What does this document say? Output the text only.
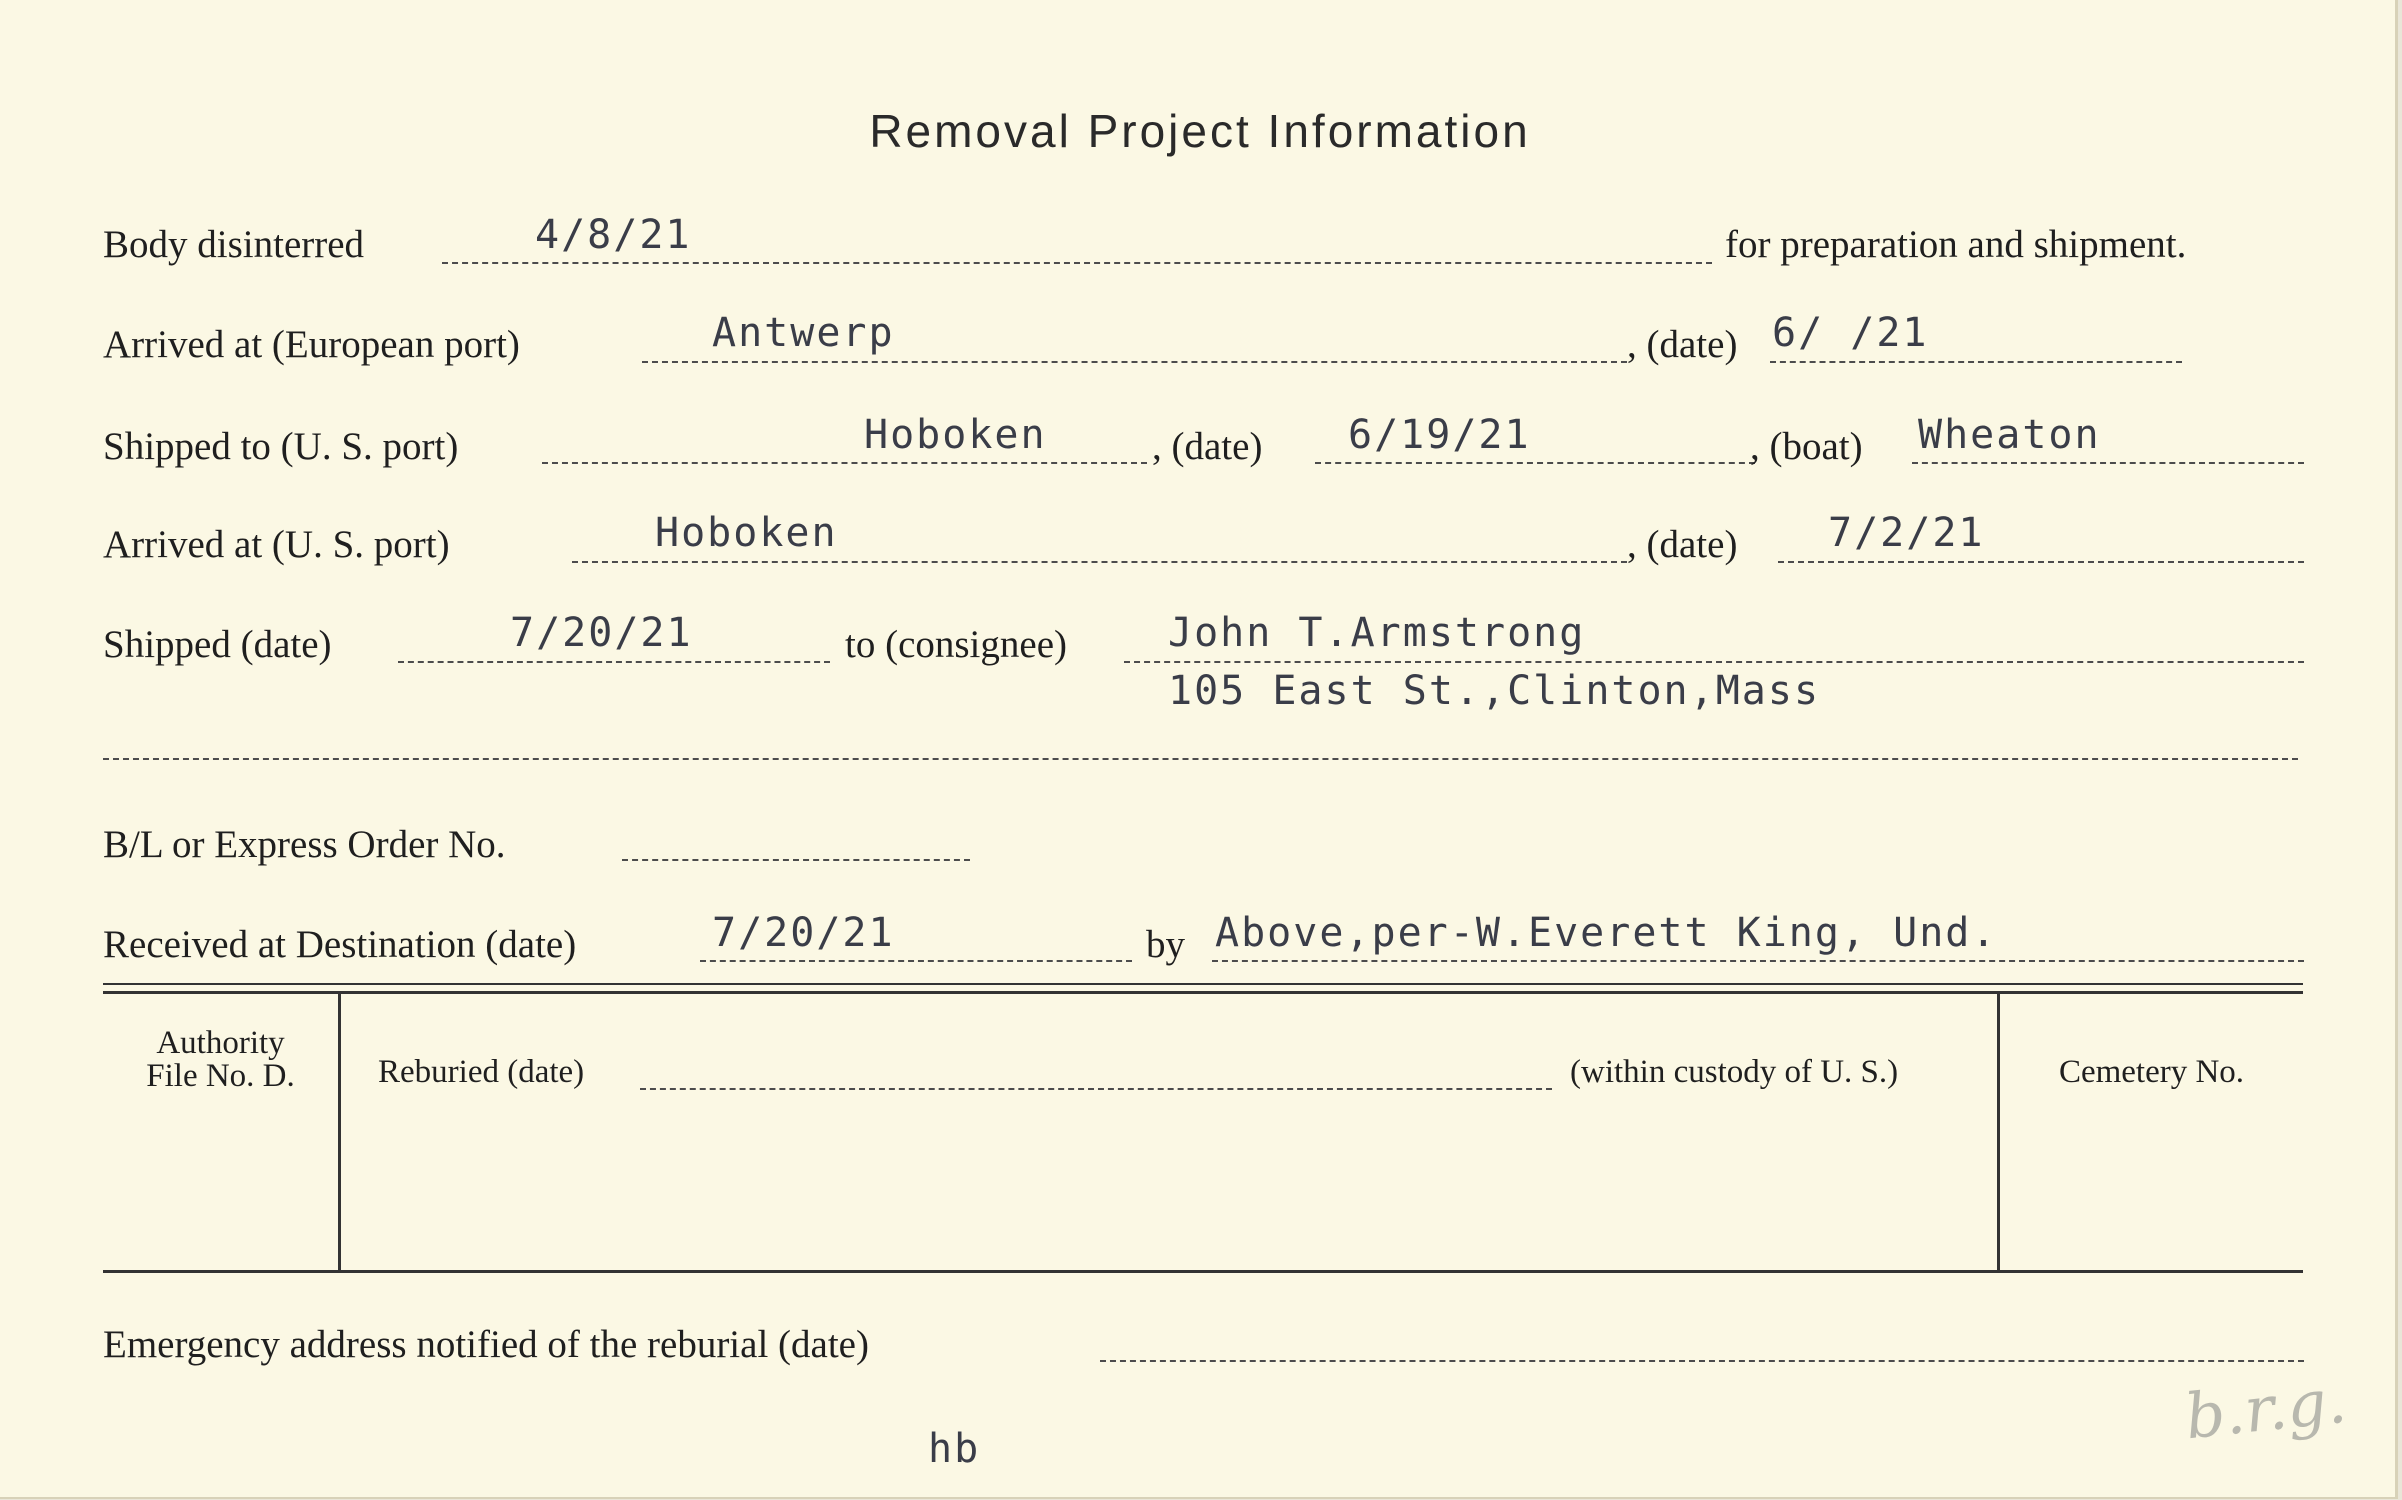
Removal Project Information
Body disinterred	4/8/21	for preparation and shipment.
Arrived at (European port)	Antwerp	, (date) 6/ /21
Shipped to (U. S. port)	Hoboken	, (date) 6/19/21	, (boat) Wheaton
Arrived at (U. S. port)	Hoboken	, (date) 7/2/21
Shipped (date)	7/20/21	to (consignee)	John T.Armstrong
105 East St.,Clinton,Mass
B/L or Express Order No.
Received at Destination (date)	7/20/21	by Above,per-W.Everett King, Und.
Authority
File No. D.	Reburied (date)	(within custody of U. S.)	Cemetery No.
Emergency address notified of the reburial (date)
hb	b.r.g.
